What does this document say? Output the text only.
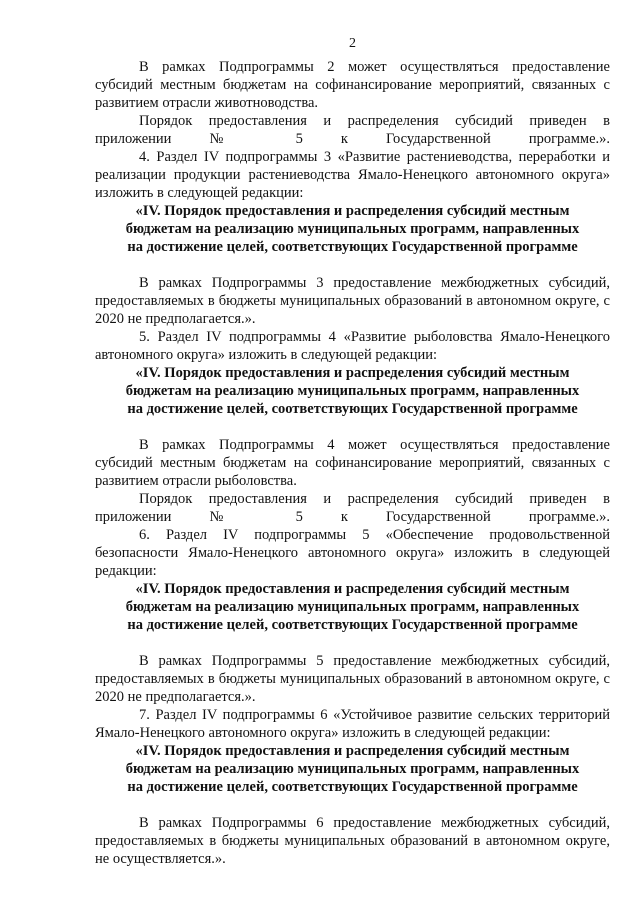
2

В рамках Подпрограммы 2 может осуществляться предоставление субсидий местным бюджетам на софинансирование мероприятий, связанных с развитием отрасли животноводства.

Порядок предоставления и распределения субсидий приведен в приложении № 5 к Государственной программе.».

4. Раздел IV подпрограммы 3 «Развитие растениеводства, переработки и реализации продукции растениеводства Ямало-Ненецкого автономного округа» изложить в следующей редакции:

«IV. Порядок предоставления и распределения субсидий местным
бюджетам на реализацию муниципальных программ, направленных
на достижение целей, соответствующих Государственной программе

В рамках Подпрограммы 3 предоставление межбюджетных субсидий, предоставляемых в бюджеты муниципальных образований в автономном округе, с 2020 не предполагается.».

5. Раздел IV подпрограммы 4 «Развитие рыболовства Ямало-Ненецкого автономного округа» изложить в следующей редакции:

«IV. Порядок предоставления и распределения субсидий местным
бюджетам на реализацию муниципальных программ, направленных
на достижение целей, соответствующих Государственной программе

В рамках Подпрограммы 4 может осуществляться предоставление субсидий местным бюджетам на софинансирование мероприятий, связанных с развитием отрасли рыболовства.

Порядок предоставления и распределения субсидий приведен в приложении № 5 к Государственной программе.».

6. Раздел IV подпрограммы 5 «Обеспечение продовольственной безопасности Ямало-Ненецкого автономного округа» изложить в следующей редакции:

«IV. Порядок предоставления и распределения субсидий местным
бюджетам на реализацию муниципальных программ, направленных
на достижение целей, соответствующих Государственной программе

В рамках Подпрограммы 5 предоставление межбюджетных субсидий, предоставляемых в бюджеты муниципальных образований в автономном округе, с 2020 не предполагается.».

7. Раздел IV подпрограммы 6 «Устойчивое развитие сельских территорий Ямало-Ненецкого автономного округа» изложить в следующей редакции:

«IV. Порядок предоставления и распределения субсидий местным
бюджетам на реализацию муниципальных программ, направленных
на достижение целей, соответствующих Государственной программе

В рамках Подпрограммы 6 предоставление межбюджетных субсидий, предоставляемых в бюджеты муниципальных образований в автономном округе, не осуществляется.».
